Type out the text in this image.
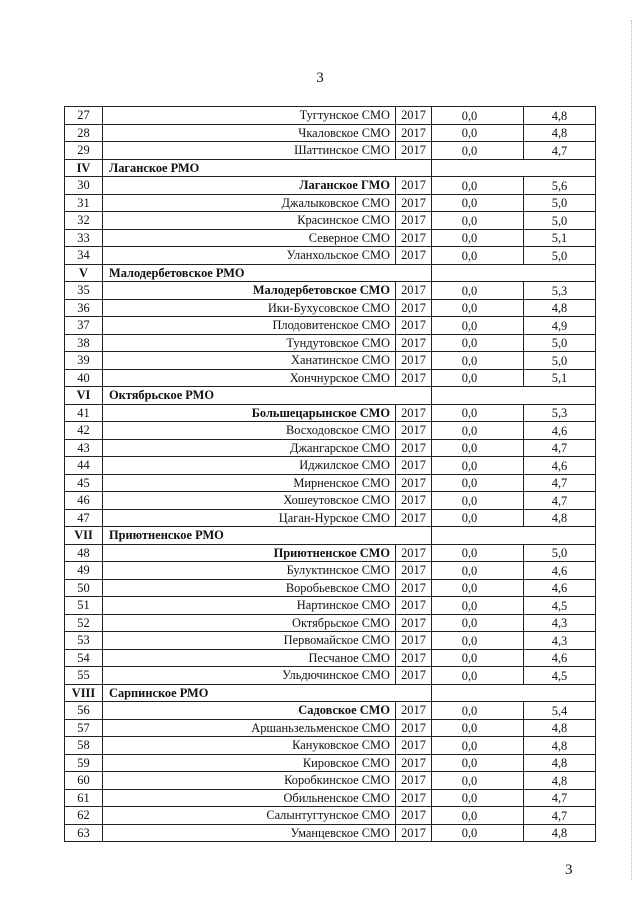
3
27	Тугтунское СМО	2017	0,0	4,8
28	Чкаловское СМО	2017	0,0	4,8
29	Шаттинское СМО	2017	0,0	4,7
IV	Лаганское РМО			
30	Лаганское ГМО	2017	0,0	5,6
31	Джалыковское СМО	2017	0,0	5,0
32	Красинское СМО	2017	0,0	5,0
33	Северное СМО	2017	0,0	5,1
34	Уланхольское СМО	2017	0,0	5,0
V	Малодербетовское РМО			
35	Малодербетовское СМО	2017	0,0	5,3
36	Ики-Бухусовское СМО	2017	0,0	4,8
37	Плодовитенское СМО	2017	0,0	4,9
38	Тундутовское СМО	2017	0,0	5,0
39	Ханатинское СМО	2017	0,0	5,0
40	Хончнурское СМО	2017	0,0	5,1
VI	Октябрьское РМО			
41	Большецарынское СМО	2017	0,0	5,3
42	Восходовское СМО	2017	0,0	4,6
43	Джангарское СМО	2017	0,0	4,7
44	Иджилское СМО	2017	0,0	4,6
45	Мирненское СМО	2017	0,0	4,7
46	Хошеутовское СМО	2017	0,0	4,7
47	Цаган-Нурское СМО	2017	0,0	4,8
VII	Приютненское РМО			
48	Приютненское СМО	2017	0,0	5,0
49	Булуктинское СМО	2017	0,0	4,6
50	Воробьевское СМО	2017	0,0	4,6
51	Нартинское СМО	2017	0,0	4,5
52	Октябрьское СМО	2017	0,0	4,3
53	Первомайское СМО	2017	0,0	4,3
54	Песчаное СМО	2017	0,0	4,6
55	Ульдючинское СМО	2017	0,0	4,5
VIII	Сарпинское РМО			
56	Садовское СМО	2017	0,0	5,4
57	Аршаньзельменское СМО	2017	0,0	4,8
58	Кануковское СМО	2017	0,0	4,8
59	Кировское СМО	2017	0,0	4,8
60	Коробкинское СМО	2017	0,0	4,8
61	Обильненское СМО	2017	0,0	4,7
62	Салынтугтунское СМО	2017	0,0	4,7
63	Уманцевское СМО	2017	0,0	4,8
3
